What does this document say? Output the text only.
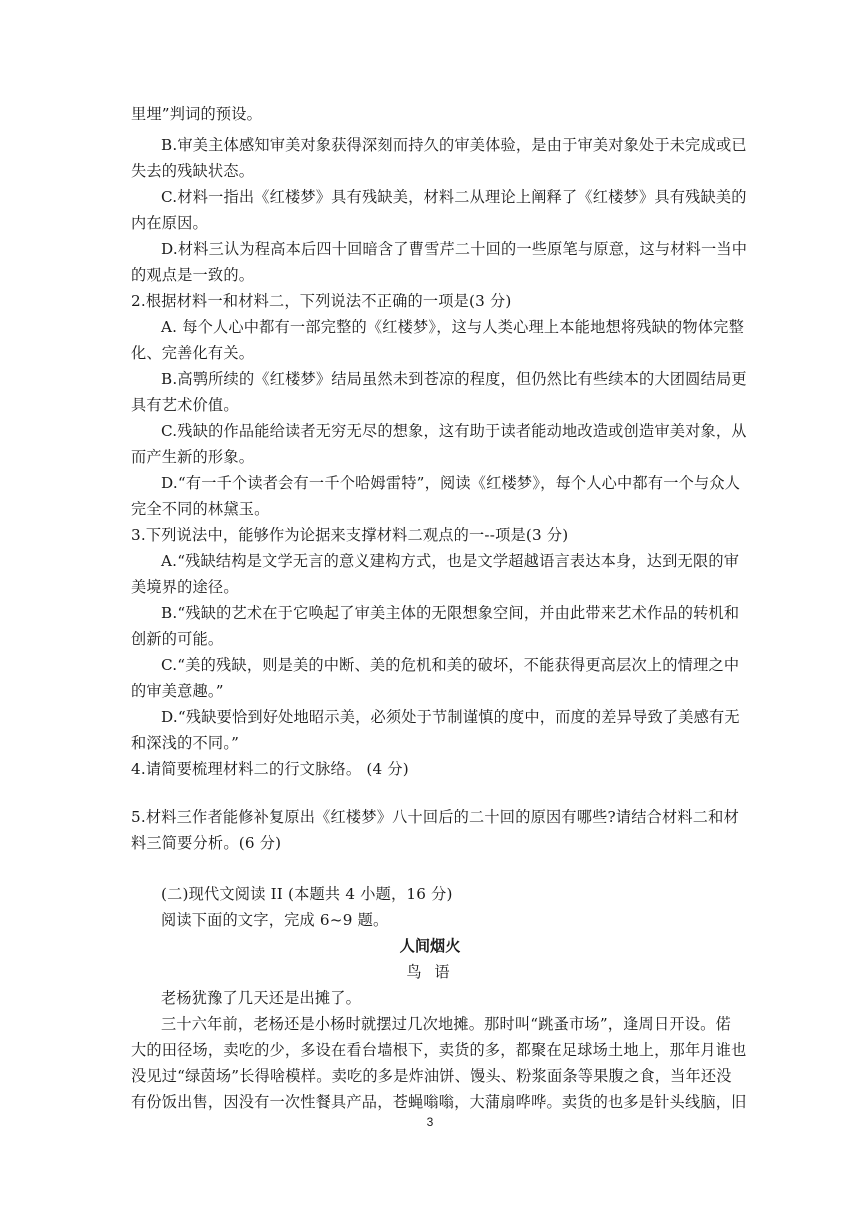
里埋”判词的预设。
B.审美主体感知审美对象获得深刻而持久的审美体验，是由于审美对象处于未完成或已
失去的残缺状态。
C.材料一指出《红楼梦》具有残缺美，材料二从理论上阐释了《红楼梦》具有残缺美的
内在原因。
D.材料三认为程高本后四十回暗含了曹雪芹二十回的一些原笔与原意，这与材料一当中
的观点是一致的。
2.根据材料一和材料二，下列说法不正确的一项是(3 分)
A. 每个人心中都有一部完整的《红楼梦》，这与人类心理上本能地想将残缺的物体完整
化、完善化有关。
B.高鹗所续的《红楼梦》结局虽然未到苍凉的程度，但仍然比有些续本的大团圆结局更
具有艺术价值。
C.残缺的作品能给读者无穷无尽的想象，这有助于读者能动地改造或创造审美对象，从
而产生新的形象。
D.“有一千个读者会有一千个哈姆雷特”，阅读《红楼梦》，每个人心中都有一个与众人
完全不同的林黛玉。
3.下列说法中，能够作为论据来支撑材料二观点的一--项是(3 分)
A.“残缺结构是文学无言的意义建构方式，也是文学超越语言表达本身，达到无限的审
美境界的途径。
B.“残缺的艺术在于它唤起了审美主体的无限想象空间，并由此带来艺术作品的转机和
创新的可能。
C.“美的残缺，则是美的中断、美的危机和美的破坏，不能获得更高层次上的情理之中
的审美意趣。”
D.“残缺要恰到好处地昭示美，必须处于节制谨慎的度中，而度的差异导致了美感有无
和深浅的不同。”
4.请简要梳理材料二的行文脉络。 (4 分)
5.材料三作者能修补复原出《红楼梦》八十回后的二十回的原因有哪些?请结合材料二和材
料三简要分析。(6 分)
(二)现代文阅读 II (本题共 4 小题，16 分)
阅读下面的文字，完成 6~9 题。
人间烟火
鸟 语
老杨犹豫了几天还是出摊了。
三十六年前，老杨还是小杨时就摆过几次地摊。那时叫“跳蚤市场”，逢周日开设。偌
大的田径场，卖吃的少，多设在看台墙根下，卖货的多，都聚在足球场土地上，那年月谁也
没见过“绿茵场”长得啥模样。卖吃的多是炸油饼、馒头、粉浆面条等果腹之食，当年还没
有份饭出售，因没有一次性餐具产品，苍蝇嗡嗡，大蒲扇哗哗。卖货的也多是针头线脑，旧
3
